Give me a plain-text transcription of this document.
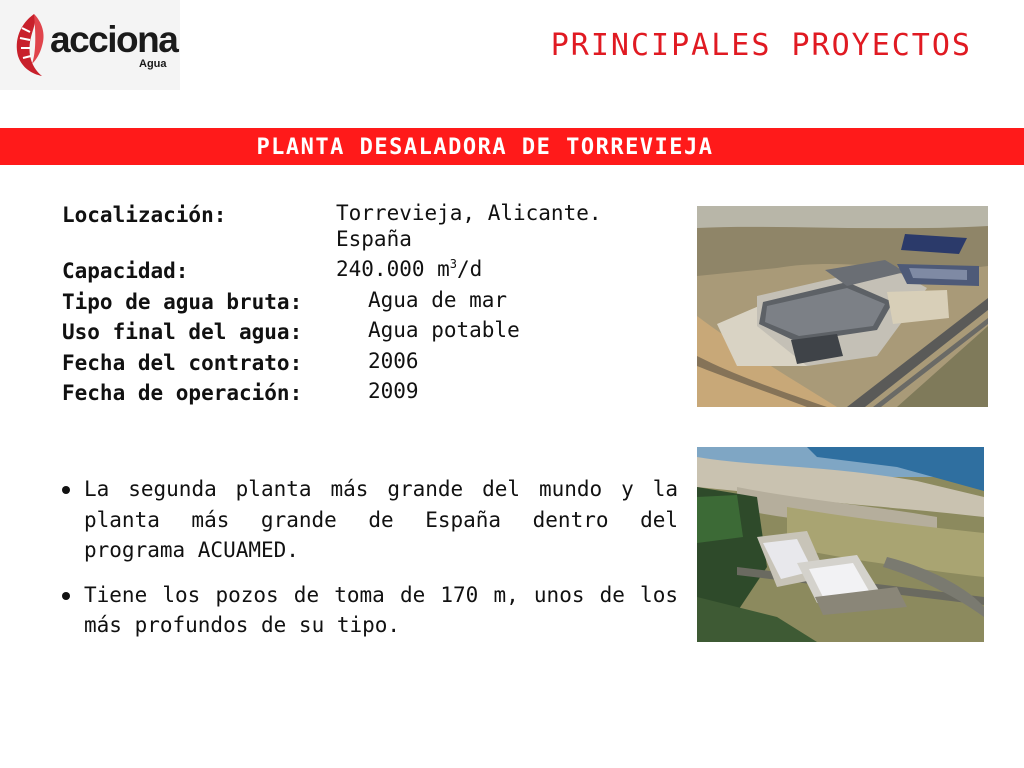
acciona
Agua
PRINCIPALES PROYECTOS
PLANTA DESALADORA DE TORREVIEJA
Localización:	Torrevieja, Alicante.
España
Capacidad:	240.000 $m^3/d$
Tipo de agua bruta:	Agua de mar
Uso final del agua:	Agua potable
Fecha del contrato:	2006
Fecha de operación:	2009
La segunda planta más grande del mundo y la planta más grande de España dentro del programa ACUAMED.
Tiene los pozos de toma de 170 m, unos de los más profundos de su tipo.
